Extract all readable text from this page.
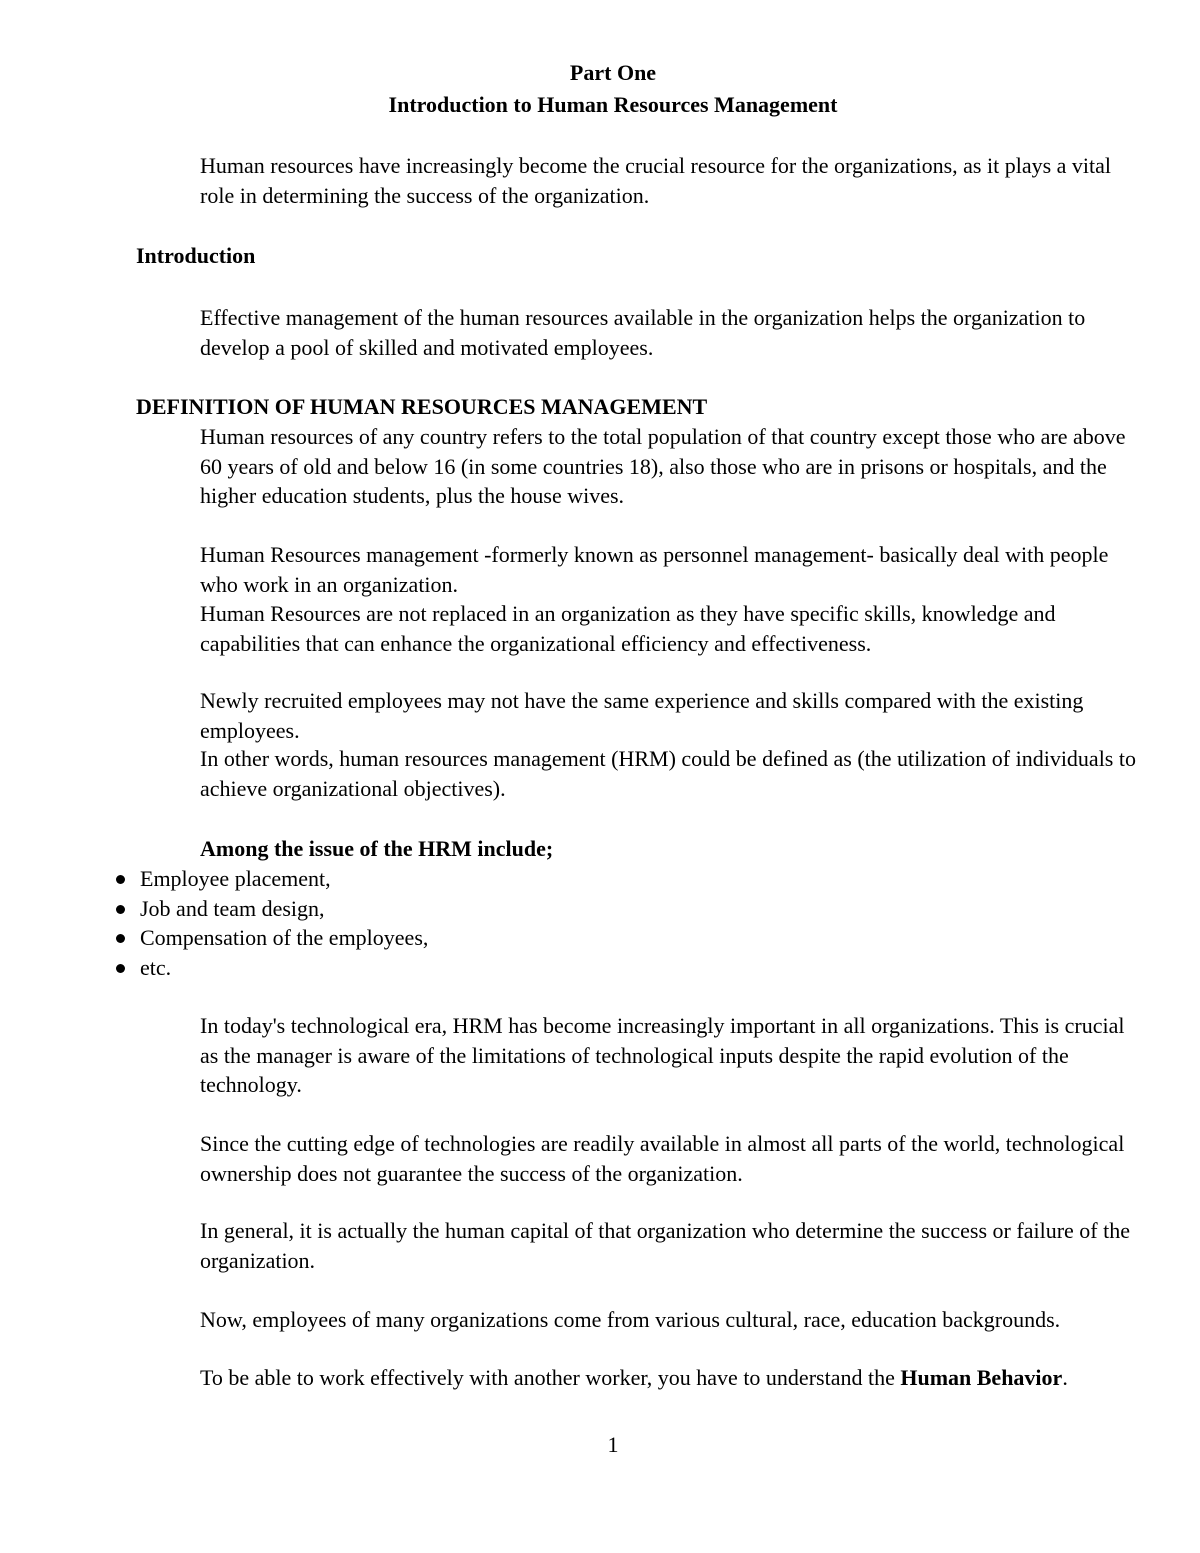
Part One
Introduction to Human Resources Management
Human resources have increasingly become the crucial resource for the organizations, as it plays a vital role in determining the success of the organization.
Introduction
Effective management of the human resources available in the organization helps the organization to develop a pool of skilled and motivated employees.
DEFINITION OF HUMAN RESOURCES MANAGEMENT
Human resources of any country refers to the total population of that country except those who are above 60 years of old and below 16 (in some countries 18), also those who are in prisons or hospitals, and the higher education students, plus the house wives.
Human Resources management -formerly known as personnel management- basically deal with people who work in an organization.
Human Resources are not replaced in an organization as they have specific skills, knowledge and capabilities that can enhance the organizational efficiency and effectiveness.
Newly recruited employees may not have the same experience and skills compared with the existing employees.
In other words, human resources management (HRM) could be defined as (the utilization of individuals to achieve organizational objectives).
Among the issue of the HRM include;
Employee placement,
Job and team design,
Compensation of the employees,
etc.
In today's technological era, HRM has become increasingly important in all organizations. This is crucial as the manager is aware of the limitations of technological inputs despite the rapid evolution of the technology.
Since the cutting edge of technologies are readily available in almost all parts of the world, technological ownership does not guarantee the success of the organization.
In general, it is actually the human capital of that organization who determine the success or failure of the organization.
Now, employees of many organizations come from various cultural, race, education backgrounds.
To be able to work effectively with another worker, you have to understand the Human Behavior.
1
